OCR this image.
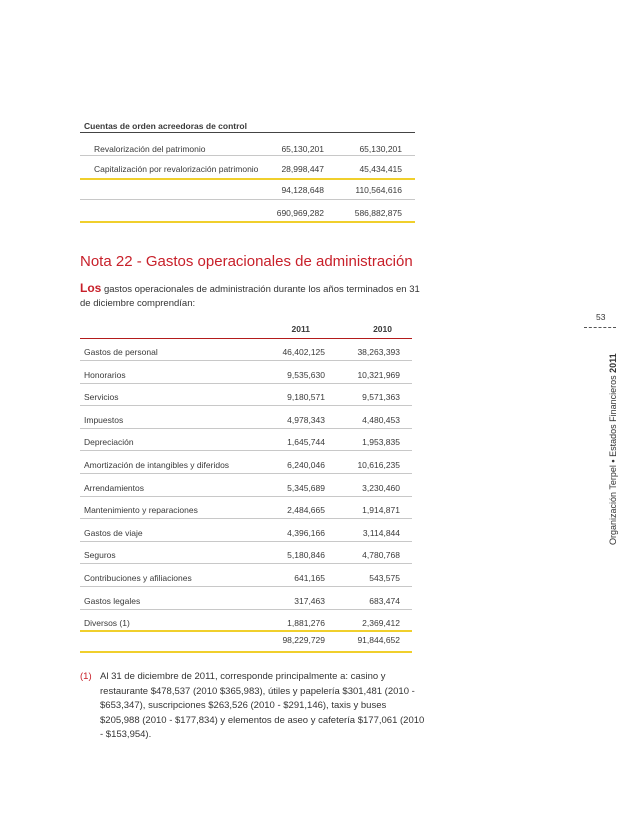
Cuentas de orden acreedoras de control
Revalorización del patrimonio	65,130,201	65,130,201
Capitalización por revalorización patrimonio	28,998,447	45,434,415
94,128,648	110,564,616
690,969,282	586,882,875
Nota 22 - Gastos operacionales de administración
Los gastos operacionales de administración durante los años terminados en 31 de diciembre comprendían:
2011	2010
Gastos de personal	46,402,125	38,263,393
Honorarios	9,535,630	10,321,969
Servicios	9,180,571	9,571,363
Impuestos	4,978,343	4,480,453
Depreciación	1,645,744	1,953,835
Amortización de intangibles y diferidos	6,240,046	10,616,235
Arrendamientos	5,345,689	3,230,460
Mantenimiento y reparaciones	2,484,665	1,914,871
Gastos de viaje	4,396,166	3,114,844
Seguros	5,180,846	4,780,768
Contribuciones y afiliaciones	641,165	543,575
Gastos legales	317,463	683,474
Diversos (1)	1,881,276	2,369,412
98,229,729	91,844,652
(1) Al 31 de diciembre de 2011, corresponde principalmente a: casino y restaurante $478,537 (2010 $365,983), útiles y papelería $301,481 (2010 - $653,347), suscripciones $263,526 (2010 - $291,146), taxis y buses $205,988 (2010 - $177,834) y elementos de aseo y cafetería $177,061 (2010 - $153,954).
53
Organización Terpel • Estados Financieros 2011
